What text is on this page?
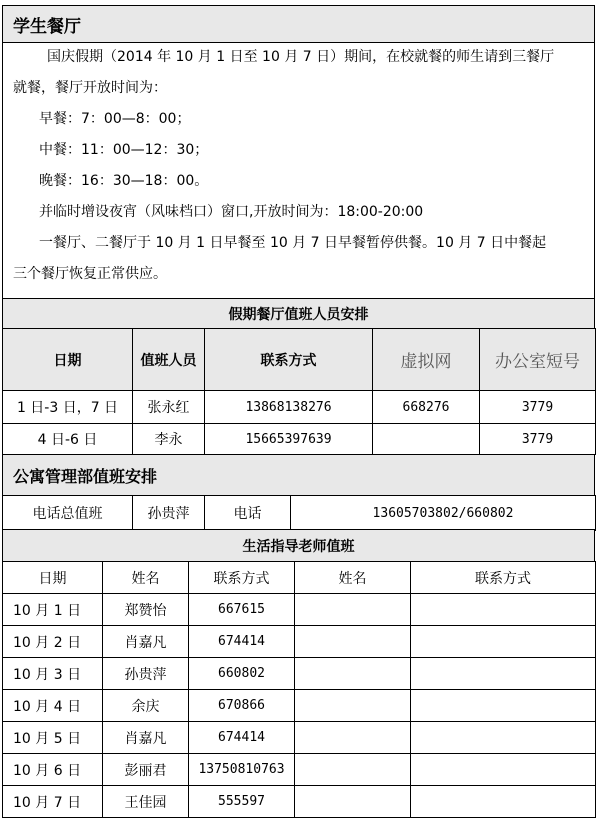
学生餐厅

国庆假期（2014 年 10 月 1 日至 10 月 7 日）期间，在校就餐的师生请到三餐厅

就餐，餐厅开放时间为：

早餐：7：00—8：00；

中餐：11：00—12：30；

晚餐：16：30—18：00。

并临时增设夜宵（风味档口）窗口,开放时间为：18:00-20:00

一餐厅、二餐厅于 10 月 1 日早餐至 10 月 7 日早餐暂停供餐。10 月 7 日中餐起

三个餐厅恢复正常供应。

假期餐厅值班人员安排
日期	值班人员	联系方式	虚拟网	办公室短号
1 日-3 日，7 日	张永红	13868138276	668276	3779
4 日-6 日	李永	15665397639		3779
公寓管理部值班安排
电话总值班	孙贵萍	电话	13605703802/660802
生活指导老师值班
日期	姓名	联系方式	姓名	联系方式
10 月 1 日	郑赞怡	667615		
10 月 2 日	肖嘉凡	674414		
10 月 3 日	孙贵萍	660802		
10 月 4 日	余庆	670866		
10 月 5 日	肖嘉凡	674414		
10 月 6 日	彭丽君	13750810763		
10 月 7 日	王佳园	555597		
